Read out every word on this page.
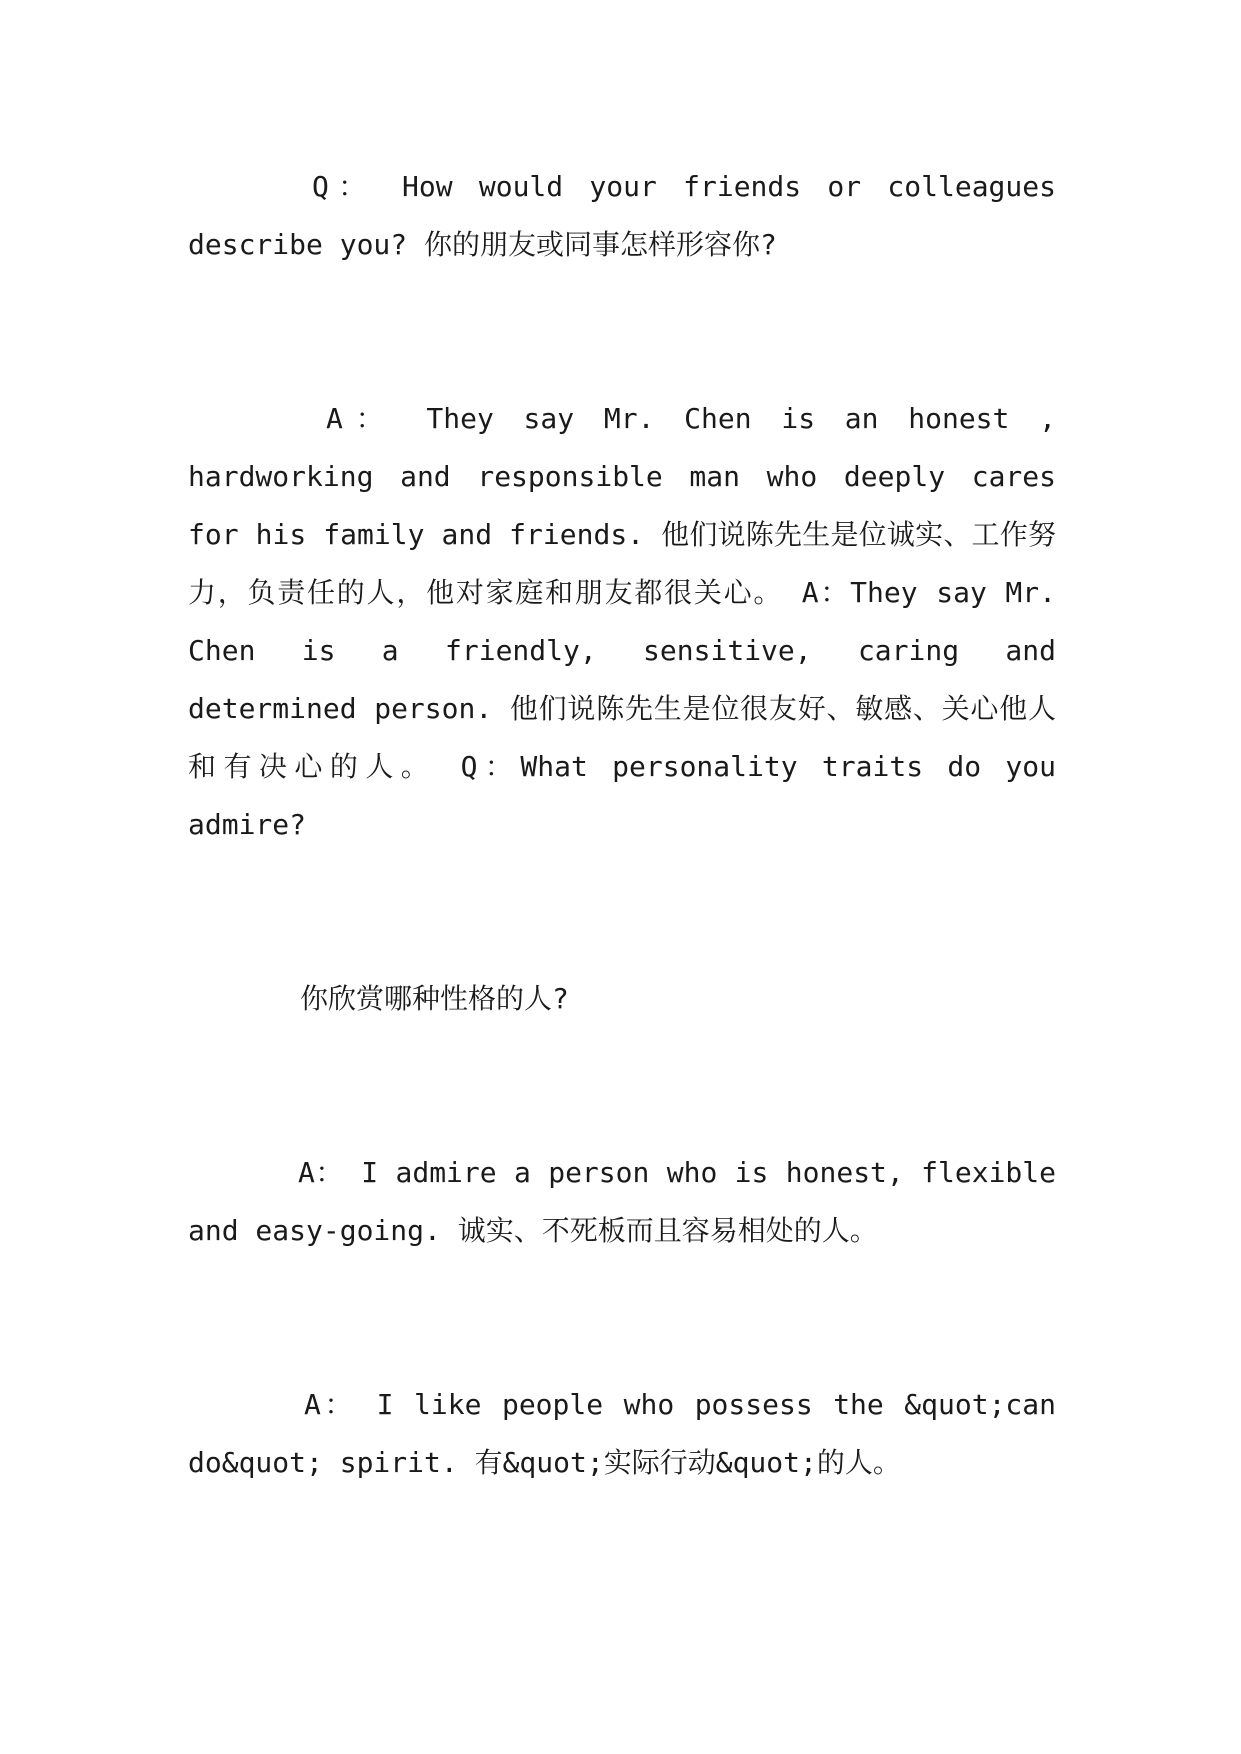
Q： How would your friends or colleagues describe you? 你的朋友或同事怎样形容你?
A： They say Mr. Chen is an honest , hardworking and responsible man who deeply cares for his family and friends. 他们说陈先生是位诚实、工作努力，负责任的人，他对家庭和朋友都很关心。 A：They say Mr. Chen is a friendly, sensitive, caring and determined person. 他们说陈先生是位很友好、敏感、关心他人和有决心的人。 Q：What personality traits do you admire?
你欣赏哪种性格的人?
A： I admire a person who is honest, flexible and easy-going. 诚实、不死板而且容易相处的人。
A： I like people who possess the &quot;can do&quot; spirit. 有&quot;实际行动&quot;的人。
